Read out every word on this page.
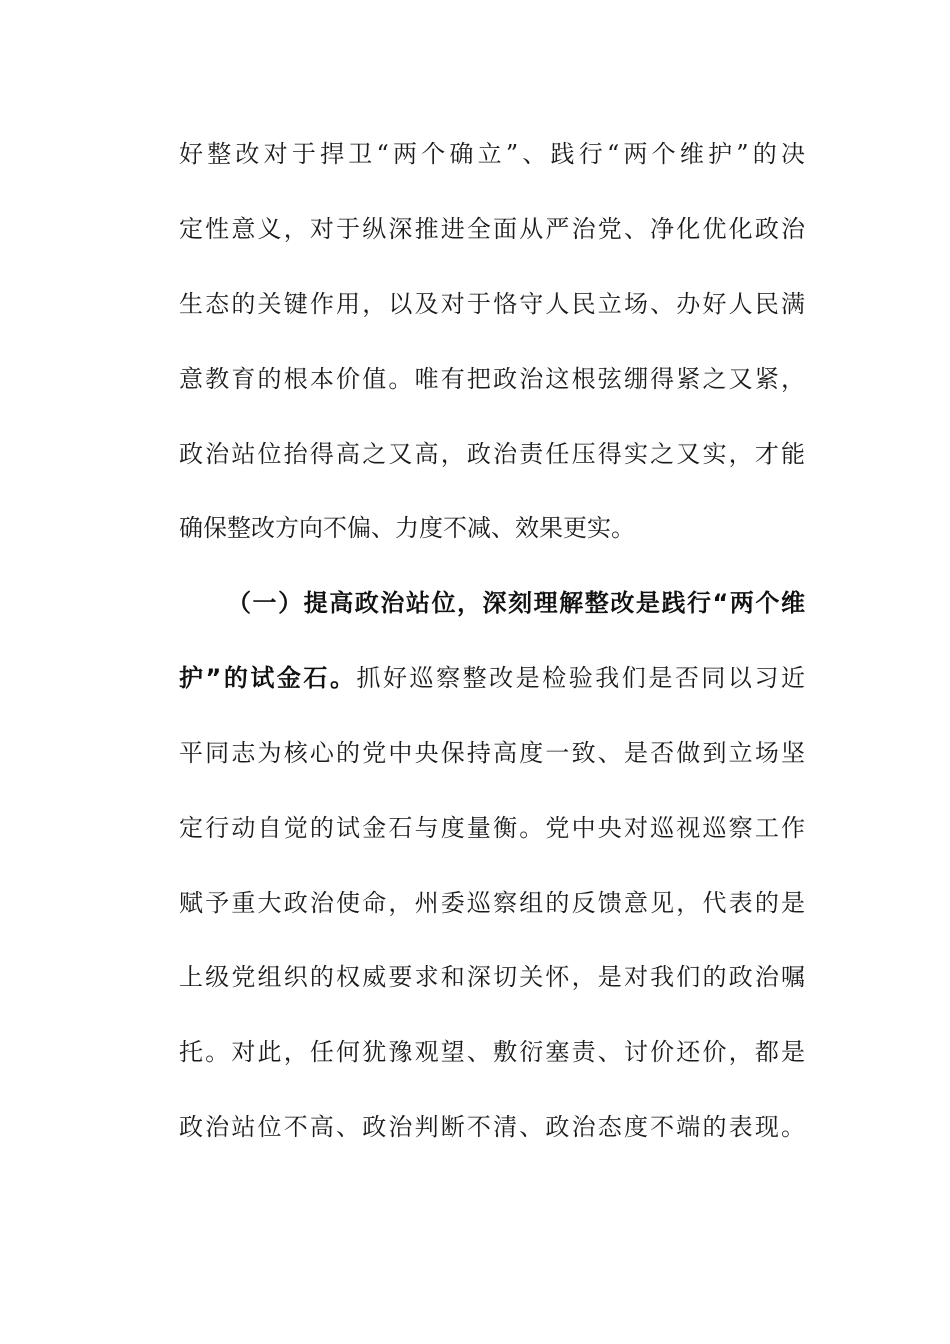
好整改对于捍卫“两个确立”、践行“两个维护”的决
定性意义，对于纵深推进全面从严治党、净化优化政治
生态的关键作用，以及对于恪守人民立场、办好人民满
意教育的根本价值。唯有把政治这根弦绷得紧之又紧，
政治站位抬得高之又高，政治责任压得实之又实，才能
确保整改方向不偏、力度不减、效果更实。
（一）提高政治站位，深刻理解整改是践行“两个维
护”的试金石。抓好巡察整改是检验我们是否同以习近
平同志为核心的党中央保持高度一致、是否做到立场坚
定行动自觉的试金石与度量衡。党中央对巡视巡察工作
赋予重大政治使命，州委巡察组的反馈意见，代表的是
上级党组织的权威要求和深切关怀，是对我们的政治嘱
托。对此，任何犹豫观望、敷衍塞责、讨价还价，都是
政治站位不高、政治判断不清、政治态度不端的表现。
